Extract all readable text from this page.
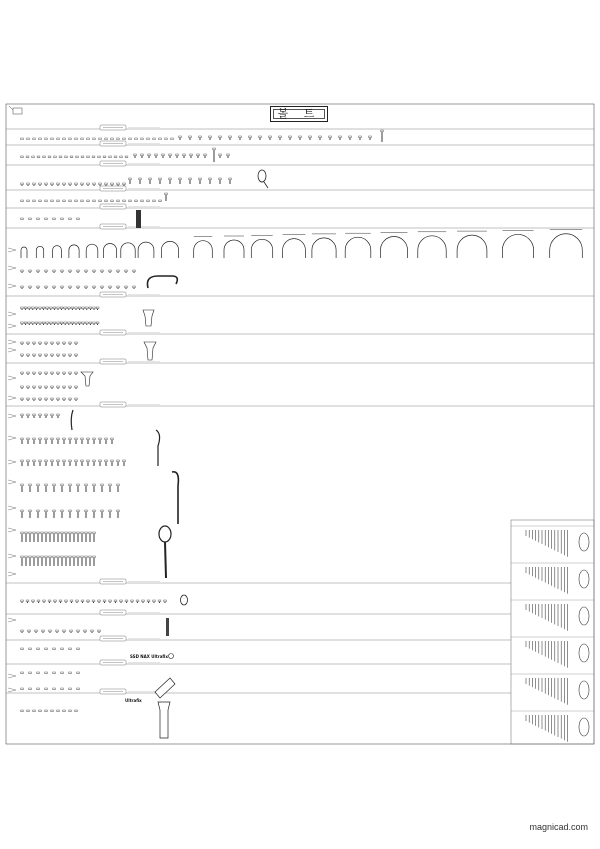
볼 트
SSD NAX Ultrafix
Ultrafix
magnicad.com
